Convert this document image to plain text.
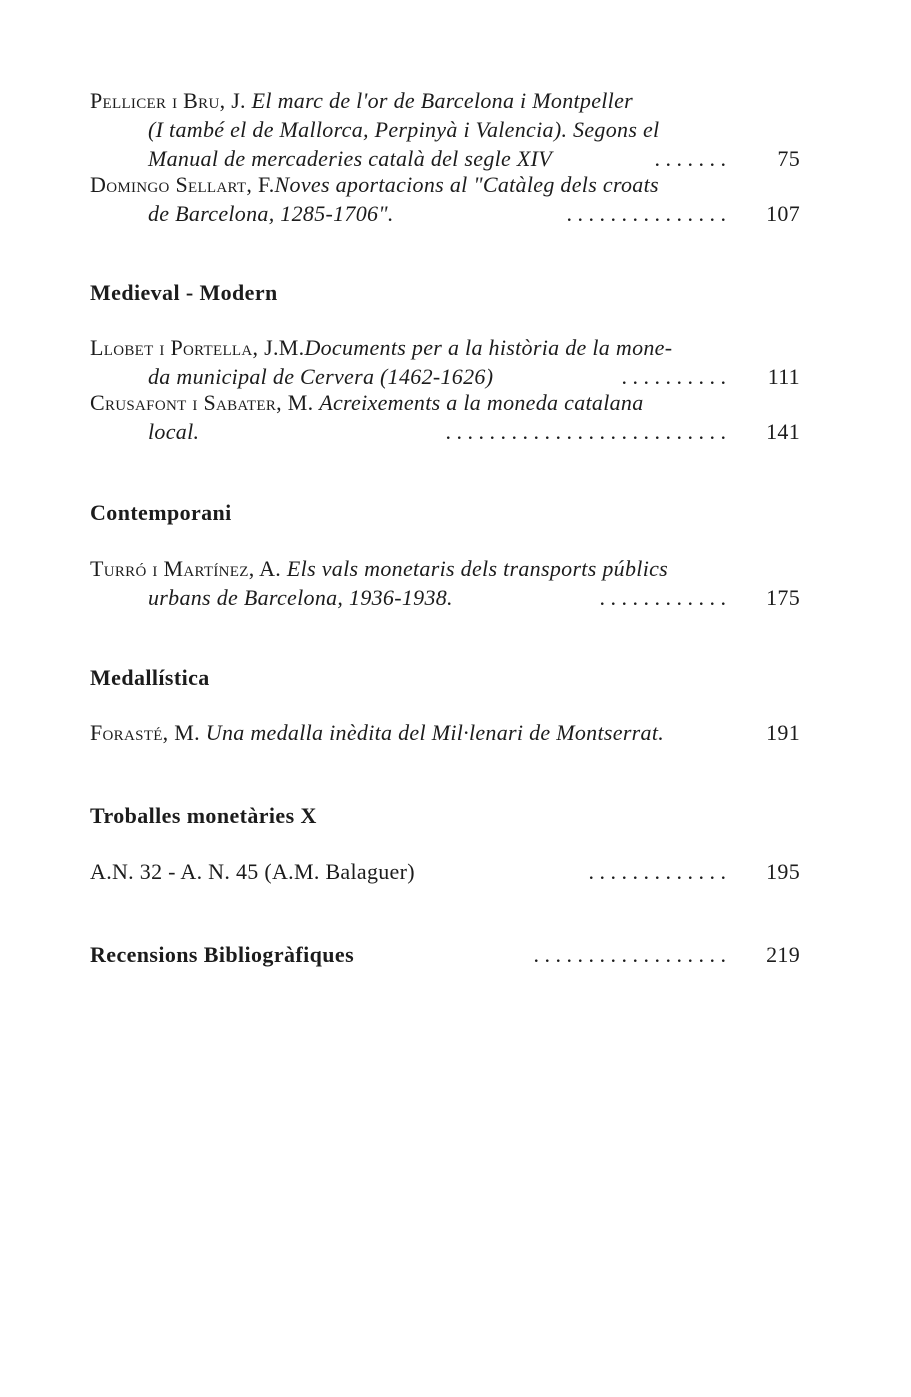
Pellicer i Bru, J. El marc de l'or de Barcelona i Montpeller
(I també el de Mallorca, Perpinyà i Valencia). Segons el
Manual de mercaderies català del segle XIV	. . . . . . . 75
Domingo Sellart, F.Noves aportacions al "Catàleg dels croats
de Barcelona, 1285-1706".	. . . . . . . . . . . . . . . 107
Medieval - Modern
Llobet i Portella, J.M.Documents per a la història de la mone-
da municipal de Cervera (1462-1626)	. . . . . . . . . . 111
Crusafont i Sabater, M. Acreixements a la moneda catalana
local.	. . . . . . . . . . . . . . . . . . . . . . . . . . 141
Contemporani
Turró i Martínez, A. Els vals monetaris dels transports públics
urbans de Barcelona, 1936-1938.	. . . . . . . . . . . . 175
Medallística
Forasté, M. Una medalla inèdita del Mil·lenari de Montserrat.	191
Troballes monetàries X
A.N. 32 - A. N. 45 (A.M. Balaguer)	. . . . . . . . . . . . . 195
Recensions Bibliogràfiques	. . . . . . . . . . . . . . . . . . 219
